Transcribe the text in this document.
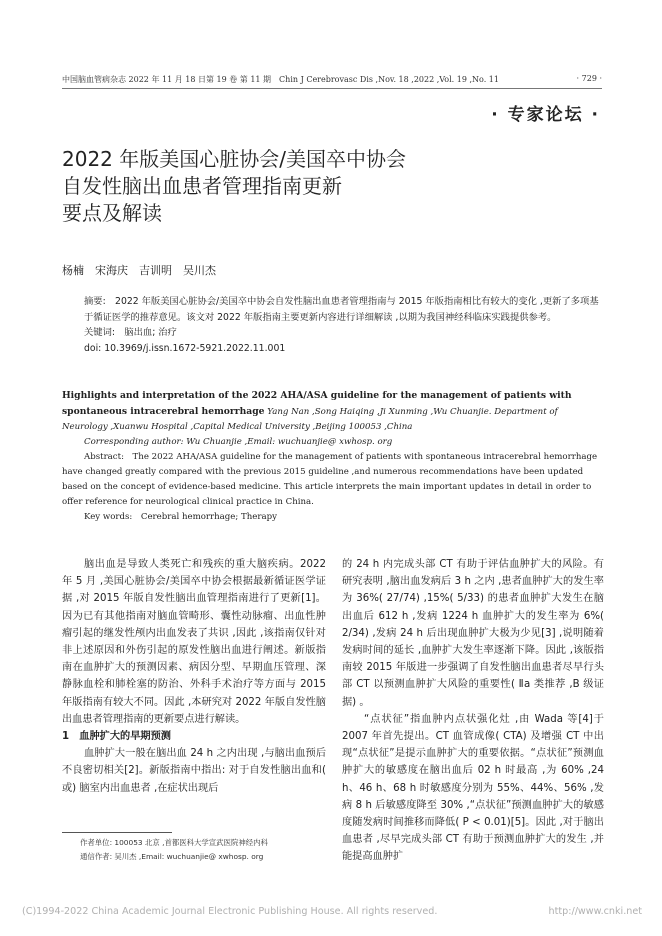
中国脑血管病杂志 2022 年 11 月 18 日第 19 卷 第 11 期　Chin J Cerebrovasc Dis ,Nov. 18 ,2022 ,Vol. 19 ,No. 11	· 729 ·
· 专家论坛 ·
2022 年版美国心脏协会/美国卒中协会
自发性脑出血患者管理指南更新
要点及解读
杨楠　宋海庆　吉训明　吴川杰
摘要:　2022 年版美国心脏协会/美国卒中协会自发性脑出血患者管理指南与 2015 年版指南相比有较大的变化 ,更新了多项基于循证医学的推荐意见。该文对 2022 年版指南主要更新内容进行详细解读 ,以期为我国神经科临床实践提供参考。
关键词:　脑出血; 治疗
doi: 10.3969/j.issn.1672-5921.2022.11.001
Highlights and interpretation of the 2022 AHA/ASA guideline for the management of patients with spontaneous intracerebral hemorrhage Yang Nan ,Song Haiqing ,Ji Xunming ,Wu Chuanjie. Department of Neurology ,Xuanwu Hospital ,Capital Medical University ,Beijing 100053 ,China
Corresponding author: Wu Chuanjie ,Email: wuchuanjie@ xwhosp. org
Abstract:　The 2022 AHA/ASA guideline for the management of patients with spontaneous intracerebral hemorrhage have changed greatly compared with the previous 2015 guideline ,and numerous recommendations have been updated based on the concept of evidence-based medicine. This article interprets the main important updates in detail in order to offer reference for neurological clinical practice in China.
Key words:　Cerebral hemorrhage; Therapy
脑出血是导致人类死亡和残疾的重大脑疾病。2022 年 5 月 ,美国心脏协会/美国卒中协会根据最新循证医学证据 ,对 2015 年版自发性脑出血管理指南进行了更新[1]。因为已有其他指南对脑血管畸形、囊性动脉瘤、出血性肿瘤引起的继发性颅内出血发表了共识 ,因此 ,该指南仅针对非上述原因和外伤引起的原发性脑出血进行阐述。新版指南在血肿扩大的预测因素、病因分型、早期血压管理、深静脉血栓和肺栓塞的防治、外科手术治疗等方面与 2015 年版指南有较大不同。因此 ,本研究对 2022 年版自发性脑出血患者管理指南的更新要点进行解读。
1　血肿扩大的早期预测
血肿扩大一般在脑出血 24 h 之内出现 ,与脑出血预后不良密切相关[2]。新版指南中指出: 对于自发性脑出血和( 或) 脑室内出血患者 ,在症状出现后
的 24 h 内完成头部 CT 有助于评估血肿扩大的风险。有研究表明 ,脑出血发病后 3 h 之内 ,患者血肿扩大的发生率为 36%( 27/74) ,15%( 5/33) 的患者血肿扩大发生在脑出血后 612 h ,发病 1224 h 血肿扩大的发生率为 6%( 2/34) ,发病 24 h 后出现血肿扩大极为少见[3] ,说明随着发病时间的延长 ,血肿扩大发生率逐渐下降。因此 ,该版指南较 2015 年版进一步强调了自发性脑出血患者尽早行头部 CT 以预测血肿扩大风险的重要性( Ⅱa 类推荐 ,B 级证据) 。
“点状征”指血肿内点状强化灶 ,由 Wada 等[4]于 2007 年首先提出。CT 血管成像( CTA) 及增强 CT 中出现“点状征”是提示血肿扩大的重要依据。“点状征”预测血肿扩大的敏感度在脑出血后 02 h 时最高 ,为 60% ,24 h、46 h、68 h 时敏感度分别为 55%、44%、56% ,发病 8 h 后敏感度降至 30% ,“点状征”预测血肿扩大的敏感度随发病时间推移而降低( P < 0.01)[5]。因此 ,对于脑出血患者 ,尽早完成头部 CT 有助于预测血肿扩大的发生 ,并能提高血肿扩
作者单位: 100053 北京 ,首都医科大学宣武医院神经内科
通信作者: 吴川杰 ,Email: wuchuanjie@ xwhosp. org
(C)1994-2022 China Academic Journal Electronic Publishing House. All rights reserved.	http://www.cnki.net
